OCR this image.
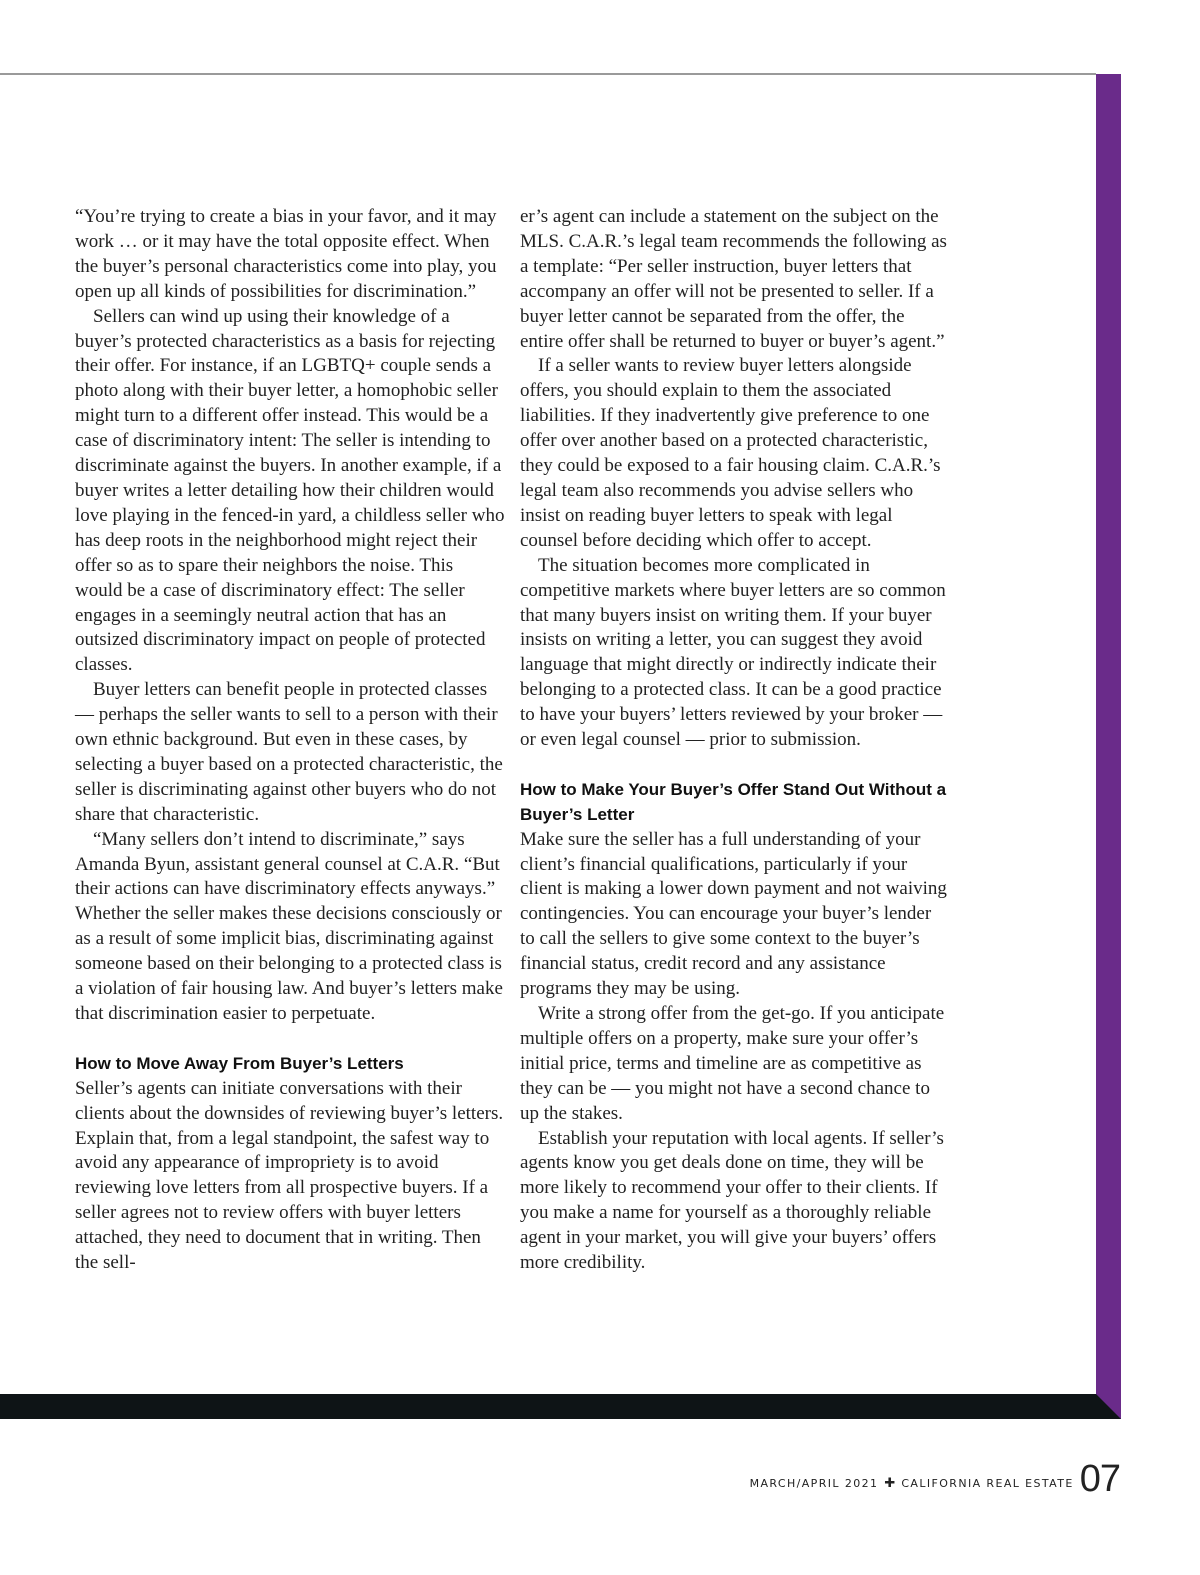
“You’re trying to create a bias in your favor, and it may work … or it may have the total opposite effect. When the buyer’s personal characteristics come into play, you open up all kinds of possibilities for discrimination.”

Sellers can wind up using their knowledge of a buyer’s protected characteristics as a basis for rejecting their offer. For instance, if an LGBTQ+ couple sends a photo along with their buyer letter, a homophobic seller might turn to a different offer instead. This would be a case of discriminatory intent: The seller is intending to discriminate against the buyers. In another example, if a buyer writes a letter detailing how their children would love playing in the fenced-in yard, a childless seller who has deep roots in the neighborhood might reject their offer so as to spare their neighbors the noise. This would be a case of discriminatory effect: The seller engages in a seemingly neutral action that has an outsized discriminatory impact on people of protected classes.

Buyer letters can benefit people in protected classes — perhaps the seller wants to sell to a person with their own ethnic background. But even in these cases, by selecting a buyer based on a protected characteristic, the seller is discriminating against other buyers who do not share that characteristic.

“Many sellers don’t intend to discriminate,” says Amanda Byun, assistant general counsel at C.A.R. “But their actions can have discriminatory effects anyways.” Whether the seller makes these decisions consciously or as a result of some implicit bias, discriminating against someone based on their belonging to a protected class is a violation of fair housing law. And buyer’s letters make that discrimination easier to perpetuate.

How to Move Away From Buyer’s Letters

Seller’s agents can initiate conversations with their clients about the downsides of reviewing buyer’s letters. Explain that, from a legal standpoint, the safest way to avoid any appearance of impropriety is to avoid reviewing love letters from all prospective buyers. If a seller agrees not to review offers with buyer letters attached, they need to document that in writing. Then the sell-

er’s agent can include a statement on the subject on the MLS. C.A.R.’s legal team recommends the following as a template: “Per seller instruction, buyer letters that accompany an offer will not be presented to seller. If a buyer letter cannot be separated from the offer, the entire offer shall be returned to buyer or buyer’s agent.”

If a seller wants to review buyer letters alongside offers, you should explain to them the associated liabilities. If they inadvertently give preference to one offer over another based on a protected characteristic, they could be exposed to a fair housing claim. C.A.R.’s legal team also recommends you advise sellers who insist on reading buyer letters to speak with legal counsel before deciding which offer to accept.

The situation becomes more complicated in competitive markets where buyer letters are so common that many buyers insist on writing them. If your buyer insists on writing a letter, you can suggest they avoid language that might directly or indirectly indicate their belonging to a protected class. It can be a good practice to have your buyers’ letters reviewed by your broker — or even legal counsel — prior to submission.

How to Make Your Buyer’s Offer Stand Out Without a Buyer’s Letter

Make sure the seller has a full understanding of your client’s financial qualifications, particularly if your client is making a lower down payment and not waiving contingencies. You can encourage your buyer’s lender to call the sellers to give some context to the buyer’s financial status, credit record and any assistance programs they may be using.

Write a strong offer from the get-go. If you anticipate multiple offers on a property, make sure your offer’s initial price, terms and timeline are as competitive as they can be — you might not have a second chance to up the stakes.

Establish your reputation with local agents. If seller’s agents know you get deals done on time, they will be more likely to recommend your offer to their clients. If you make a name for yourself as a thoroughly reliable agent in your market, you will give your buyers’ offers more credibility.

MARCH/APRIL 2021 ✚ CALIFORNIA REAL ESTATE 07
